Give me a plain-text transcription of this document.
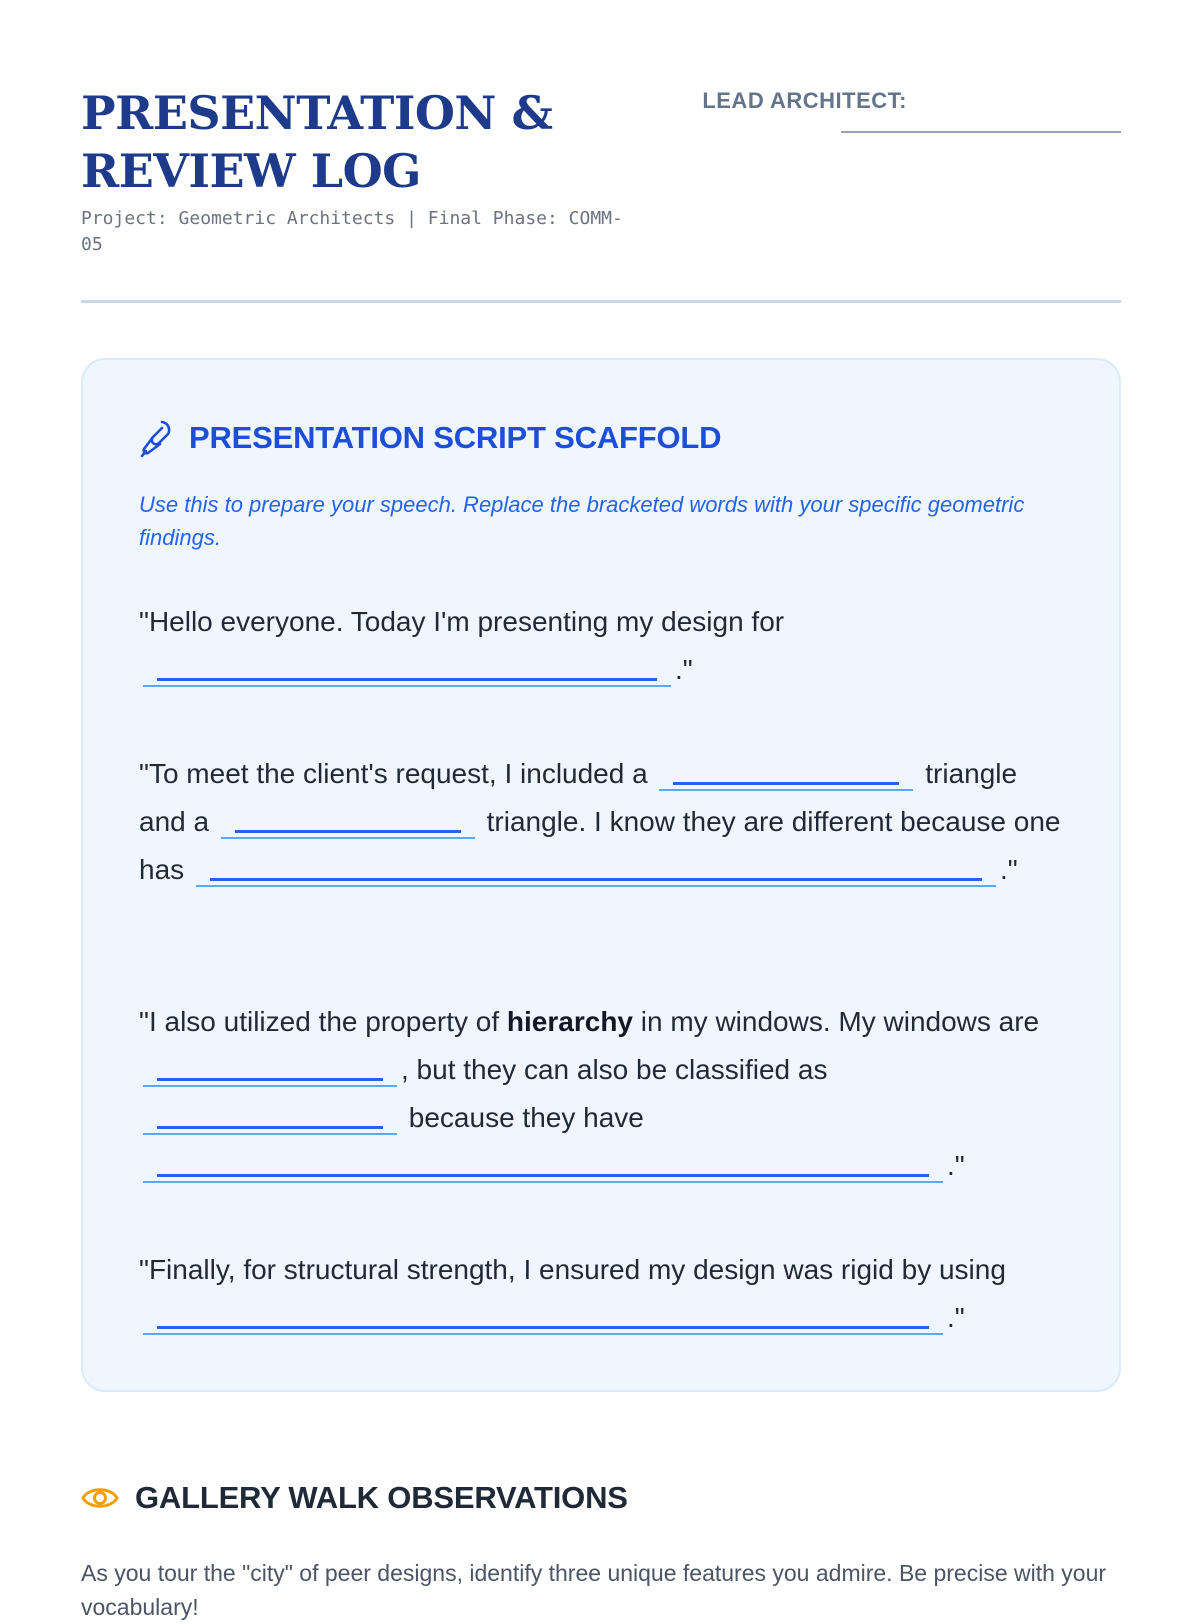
PRESENTATION & REVIEW LOG

Project: Geometric Architects | Final Phase: COMM-05

LEAD ARCHITECT:
PRESENTATION SCRIPT SCAFFOLD

Use this to prepare your speech. Replace the bracketed words with your specific geometric findings.

"Hello everyone. Today I'm presenting my design for ."

"To meet the client's request, I included a	triangle and a	triangle. I know they are different because one has	."

"I also utilized the property of hierarchy in my windows. My windows are , but they can also be classified as  because they have ."

"Finally, for structural strength, I ensured my design was rigid by using ."

GALLERY WALK OBSERVATIONS

As you tour the "city" of peer designs, identify three unique features you admire. Be precise with your vocabulary!
